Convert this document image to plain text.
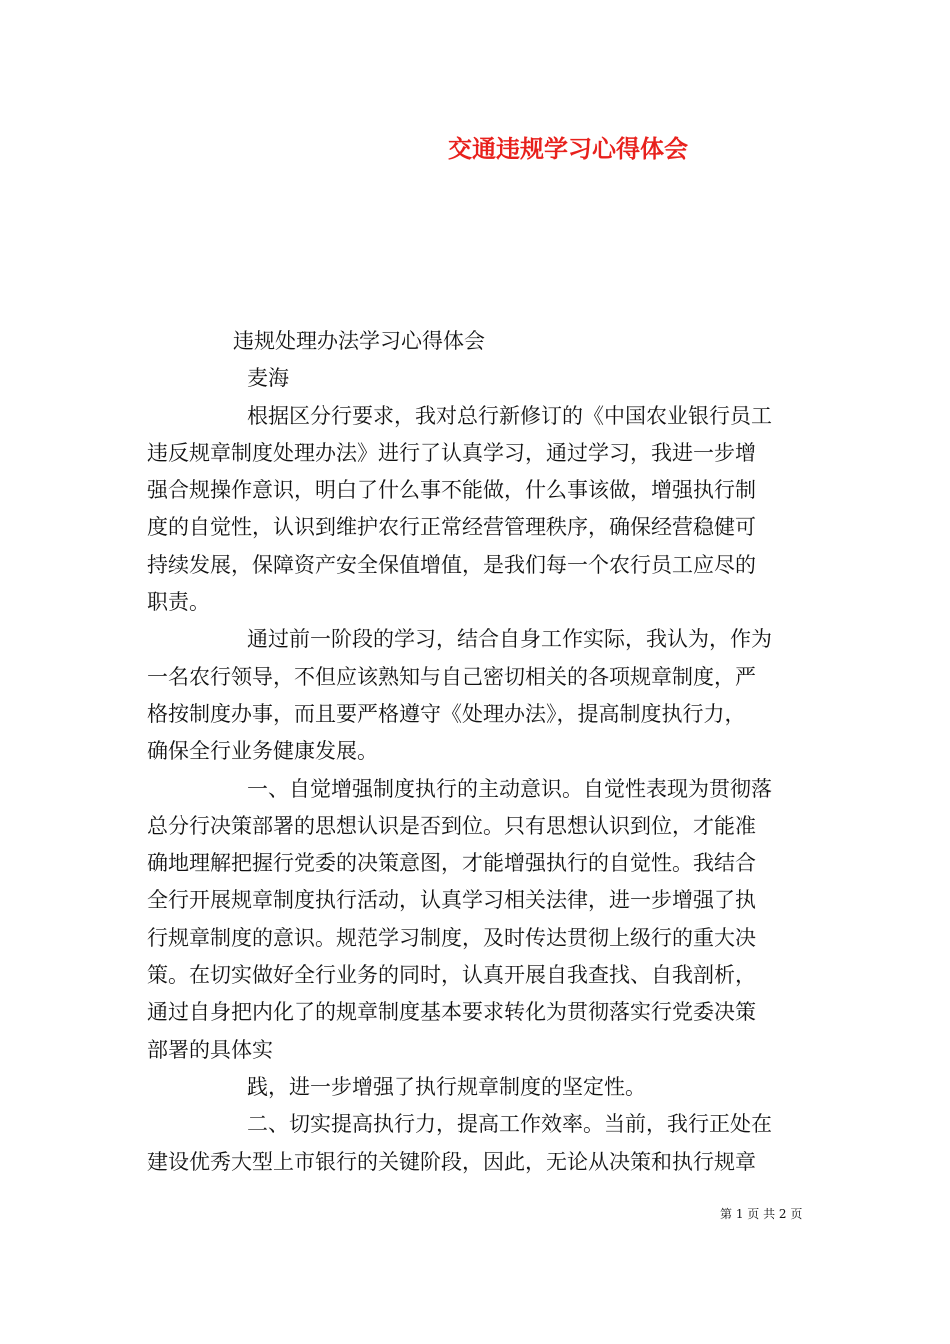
交通违规学习心得体会
违规处理办法学习心得体会
麦海
根据区分行要求，我对总行新修订的《中国农业银行员工
违反规章制度处理办法》进行了认真学习，通过学习，我进一步增
强合规操作意识，明白了什么事不能做，什么事该做，增强执行制
度的自觉性，认识到维护农行正常经营管理秩序，确保经营稳健可
持续发展，保障资产安全保值增值，是我们每一个农行员工应尽的
职责。
通过前一阶段的学习，结合自身工作实际，我认为，作为
一名农行领导，不但应该熟知与自己密切相关的各项规章制度，严
格按制度办事，而且要严格遵守《处理办法》，提高制度执行力，
确保全行业务健康发展。
一、自觉增强制度执行的主动意识。自觉性表现为贯彻落
总分行决策部署的思想认识是否到位。只有思想认识到位，才能准
确地理解把握行党委的决策意图，才能增强执行的自觉性。我结合
全行开展规章制度执行活动，认真学习相关法律，进一步增强了执
行规章制度的意识。规范学习制度，及时传达贯彻上级行的重大决
策。在切实做好全行业务的同时，认真开展自我查找、自我剖析，
通过自身把内化了的规章制度基本要求转化为贯彻落实行党委决策
部署的具体实
践，进一步增强了执行规章制度的坚定性。
二、切实提高执行力，提高工作效率。当前，我行正处在
建设优秀大型上市银行的关键阶段，因此，无论从决策和执行规章
第 1 页 共 2 页
